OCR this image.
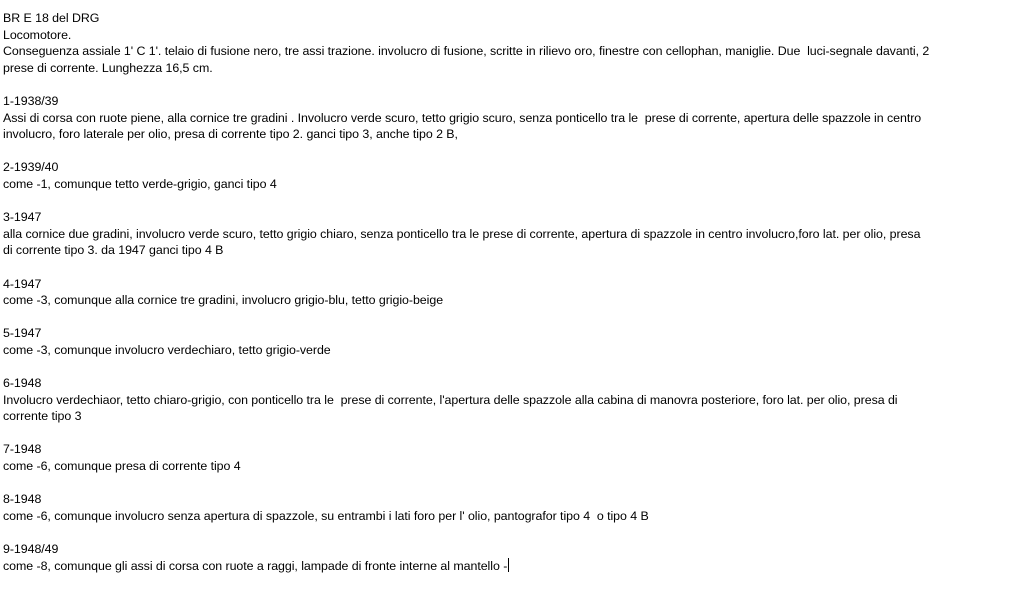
BR E 18 del DRG
Locomotore.
Conseguenza assiale 1' C 1'. telaio di fusione nero, tre assi trazione. involucro di fusione, scritte in rilievo oro, finestre con cellophan, maniglie. Due  luci-segnale davanti, 2
prese di corrente. Lunghezza 16,5 cm.
1-1938/39
Assi di corsa con ruote piene, alla cornice tre gradini . Involucro verde scuro, tetto grigio scuro, senza ponticello tra le  prese di corrente, apertura delle spazzole in centro
involucro, foro laterale per olio, presa di corrente tipo 2. ganci tipo 3, anche tipo 2 B,
2-1939/40
come -1, comunque tetto verde-grigio, ganci tipo 4
3-1947
alla cornice due gradini, involucro verde scuro, tetto grigio chiaro, senza ponticello tra le prese di corrente, apertura di spazzole in centro involucro,foro lat. per olio, presa
di corrente tipo 3. da 1947 ganci tipo 4 B
4-1947
come -3, comunque alla cornice tre gradini, involucro grigio-blu, tetto grigio-beige
5-1947
come -3, comunque involucro verdechiaro, tetto grigio-verde
6-1948
Involucro verdechiaor, tetto chiaro-grigio, con ponticello tra le  prese di corrente, l'apertura delle spazzole alla cabina di manovra posteriore, foro lat. per olio, presa di
corrente tipo 3
7-1948
come -6, comunque presa di corrente tipo 4
8-1948
come -6, comunque involucro senza apertura di spazzole, su entrambi i lati foro per l' olio, pantografor tipo 4  o tipo 4 B
9-1948/49
come -8, comunque gli assi di corsa con ruote a raggi, lampade di fronte interne al mantello -
